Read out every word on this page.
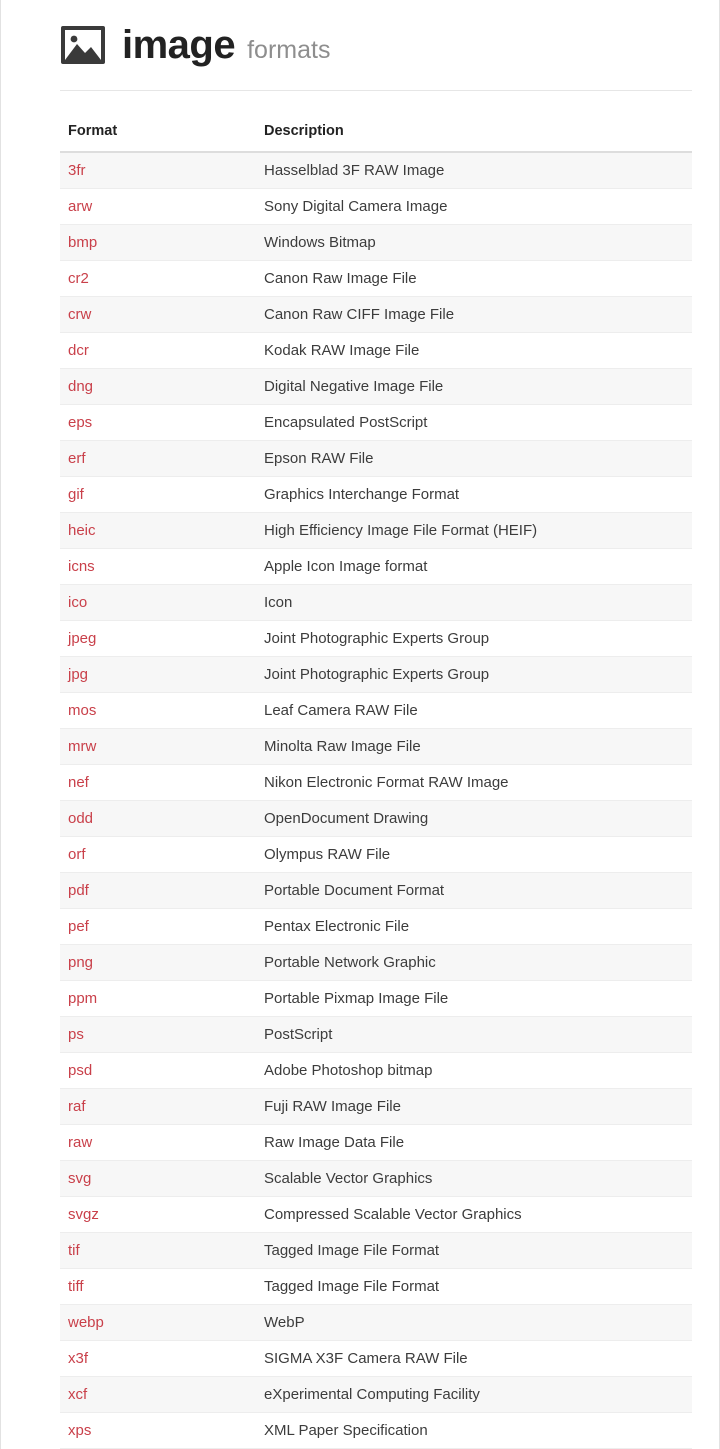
image formats
Format	Description
3fr	Hasselblad 3F RAW Image
arw	Sony Digital Camera Image
bmp	Windows Bitmap
cr2	Canon Raw Image File
crw	Canon Raw CIFF Image File
dcr	Kodak RAW Image File
dng	Digital Negative Image File
eps	Encapsulated PostScript
erf	Epson RAW File
gif	Graphics Interchange Format
heic	High Efficiency Image File Format (HEIF)
icns	Apple Icon Image format
ico	Icon
jpeg	Joint Photographic Experts Group
jpg	Joint Photographic Experts Group
mos	Leaf Camera RAW File
mrw	Minolta Raw Image File
nef	Nikon Electronic Format RAW Image
odd	OpenDocument Drawing
orf	Olympus RAW File
pdf	Portable Document Format
pef	Pentax Electronic File
png	Portable Network Graphic
ppm	Portable Pixmap Image File
ps	PostScript
psd	Adobe Photoshop bitmap
raf	Fuji RAW Image File
raw	Raw Image Data File
svg	Scalable Vector Graphics
svgz	Compressed Scalable Vector Graphics
tif	Tagged Image File Format
tiff	Tagged Image File Format
webp	WebP
x3f	SIGMA X3F Camera RAW File
xcf	eXperimental Computing Facility
xps	XML Paper Specification
